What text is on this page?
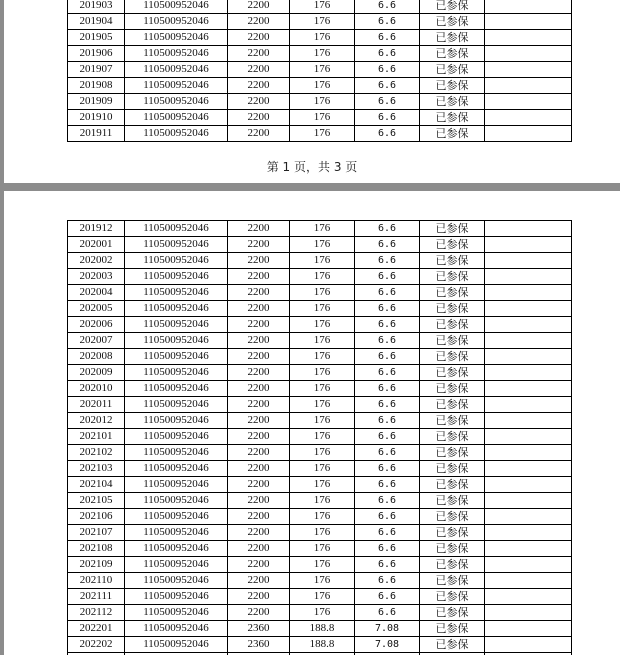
201903	110500952046	2200	176	6.6	已参保	
201904	110500952046	2200	176	6.6	已参保	
201905	110500952046	2200	176	6.6	已参保	
201906	110500952046	2200	176	6.6	已参保	
201907	110500952046	2200	176	6.6	已参保	
201908	110500952046	2200	176	6.6	已参保	
201909	110500952046	2200	176	6.6	已参保	
201910	110500952046	2200	176	6.6	已参保	
201911	110500952046	2200	176	6.6	已参保	
第 1 页，共 3 页
201912	110500952046	2200	176	6.6	已参保	
202001	110500952046	2200	176	6.6	已参保	
202002	110500952046	2200	176	6.6	已参保	
202003	110500952046	2200	176	6.6	已参保	
202004	110500952046	2200	176	6.6	已参保	
202005	110500952046	2200	176	6.6	已参保	
202006	110500952046	2200	176	6.6	已参保	
202007	110500952046	2200	176	6.6	已参保	
202008	110500952046	2200	176	6.6	已参保	
202009	110500952046	2200	176	6.6	已参保	
202010	110500952046	2200	176	6.6	已参保	
202011	110500952046	2200	176	6.6	已参保	
202012	110500952046	2200	176	6.6	已参保	
202101	110500952046	2200	176	6.6	已参保	
202102	110500952046	2200	176	6.6	已参保	
202103	110500952046	2200	176	6.6	已参保	
202104	110500952046	2200	176	6.6	已参保	
202105	110500952046	2200	176	6.6	已参保	
202106	110500952046	2200	176	6.6	已参保	
202107	110500952046	2200	176	6.6	已参保	
202108	110500952046	2200	176	6.6	已参保	
202109	110500952046	2200	176	6.6	已参保	
202110	110500952046	2200	176	6.6	已参保	
202111	110500952046	2200	176	6.6	已参保	
202112	110500952046	2200	176	6.6	已参保	
202201	110500952046	2360	188.8	7.08	已参保	
202202	110500952046	2360	188.8	7.08	已参保	
